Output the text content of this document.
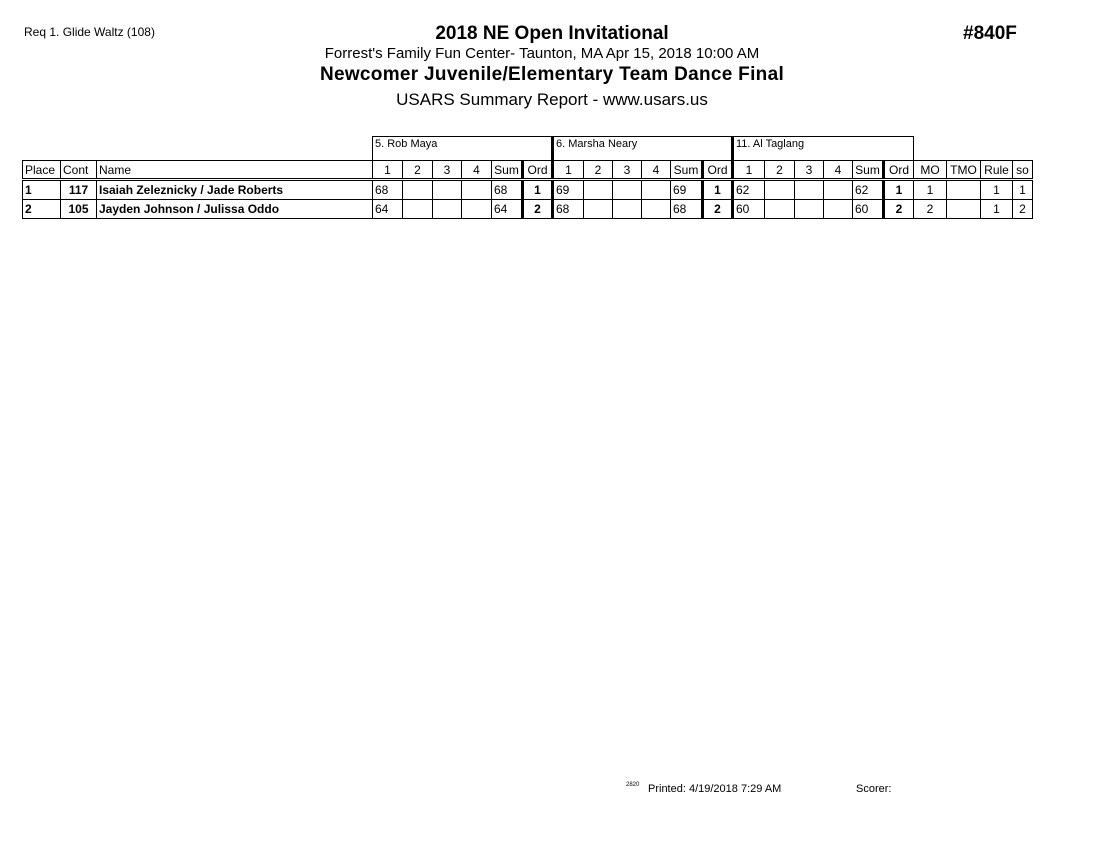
Req 1. Glide Waltz (108)	2018 NE Open Invitational
Forrest's Family Fun Center- Taunton, MA Apr 15, 2018 10:00 AM
Newcomer Juvenile/Elementary Team Dance Final
USARS Summary Report - www.usars.us
#840F
			5. Rob Maya						6. Marsha Neary						11. Al Taglang									
Place	Cont	Name	1	2	3	4	Sum	Ord	1	2	3	4	Sum	Ord	1	2	3	4	Sum	Ord	MO	TMO	Rule	so
1	117	Isaiah Zeleznicky / Jade Roberts	68				68	1	69				69	1	62				62	1	1		1	1
2	105	Jayden Johnson / Julissa Oddo	64				64	2	68				68	2	60				60	2	2		1	2
2820 Printed: 4/19/2018 7:29 AM	Scorer:
